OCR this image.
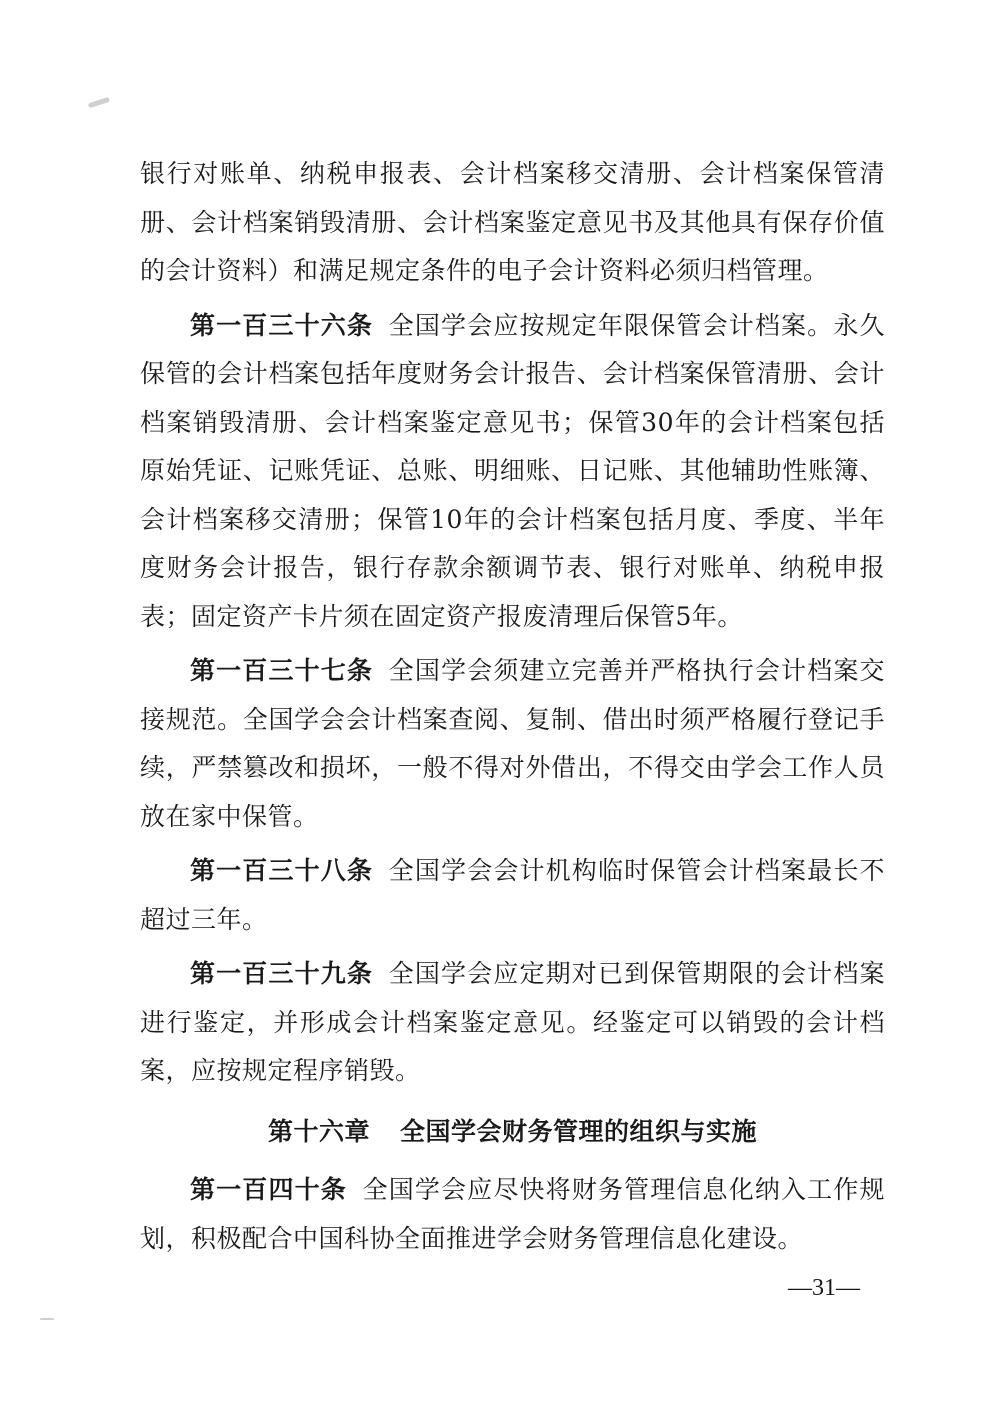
银行对账单、纳税申报表、会计档案移交清册、会计档案保管清册、会计档案销毁清册、会计档案鉴定意见书及其他具有保存价值的会计资料）和满足规定条件的电子会计资料必须归档管理。

第一百三十六条 全国学会应按规定年限保管会计档案。永久保管的会计档案包括年度财务会计报告、会计档案保管清册、会计档案销毁清册、会计档案鉴定意见书；保管30年的会计档案包括原始凭证、记账凭证、总账、明细账、日记账、其他辅助性账簿、会计档案移交清册；保管10年的会计档案包括月度、季度、半年度财务会计报告，银行存款余额调节表、银行对账单、纳税申报表；固定资产卡片须在固定资产报废清理后保管5年。

第一百三十七条 全国学会须建立完善并严格执行会计档案交接规范。全国学会会计档案查阅、复制、借出时须严格履行登记手续，严禁篡改和损坏，一般不得对外借出，不得交由学会工作人员放在家中保管。

第一百三十八条 全国学会会计机构临时保管会计档案最长不超过三年。

第一百三十九条 全国学会应定期对已到保管期限的会计档案进行鉴定，并形成会计档案鉴定意见。经鉴定可以销毁的会计档案，应按规定程序销毁。

第十六章 全国学会财务管理的组织与实施

第一百四十条 全国学会应尽快将财务管理信息化纳入工作规划，积极配合中国科协全面推进学会财务管理信息化建设。

—31—
